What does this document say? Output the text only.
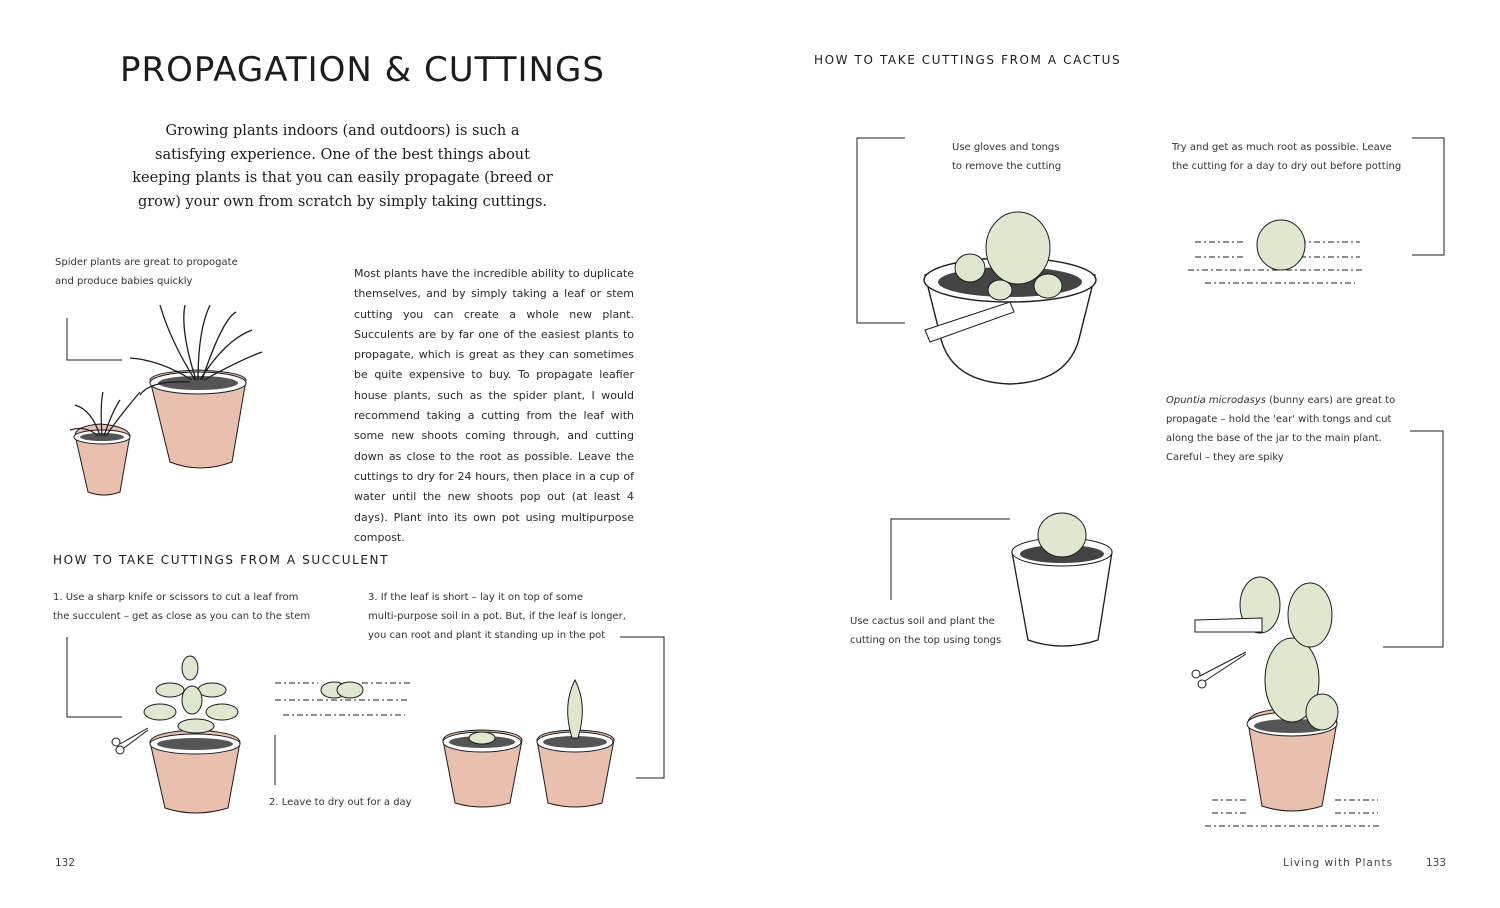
PROPAGATION & CUTTINGS
Growing plants indoors (and outdoors) is such a satisfying experience. One of the best things about keeping plants is that you can easily propagate (breed or grow) your own from scratch by simply taking cuttings.
Spider plants are great to propogate
and produce babies quickly
Most plants have the incredible ability to duplicate themselves, and by simply taking a leaf or stem cutting you can create a whole new plant. Succulents are by far one of the easiest plants to propagate, which is great as they can sometimes be quite expensive to buy. To propagate leafier house plants, such as the spider plant, I would recommend taking a cutting from the leaf with some new shoots coming through, and cutting down as close to the root as possible. Leave the cuttings to dry for 24 hours, then place in a cup of water until the new shoots pop out (at least 4 days). Plant into its own pot using multipurpose compost.
HOW TO TAKE CUTTINGS FROM A SUCCULENT
1. Use a sharp knife or scissors to cut a leaf from
the succulent – get as close as you can to the stem
2. Leave to dry out for a day
3. If the leaf is short – lay it on top of some
multi-purpose soil in a pot. But, if the leaf is longer,
you can root and plant it standing up in the pot
132
HOW TO TAKE CUTTINGS FROM A CACTUS
Use gloves and tongs
to remove the cutting
Try and get as much root as possible. Leave
the cutting for a day to dry out before potting
Opuntia microdasys (bunny ears) are great to
propagate – hold the 'ear' with tongs and cut
along the base of the jar to the main plant.
Careful – they are spiky
Use cactus soil and plant the
cutting on the top using tongs
Living with Plants	133
